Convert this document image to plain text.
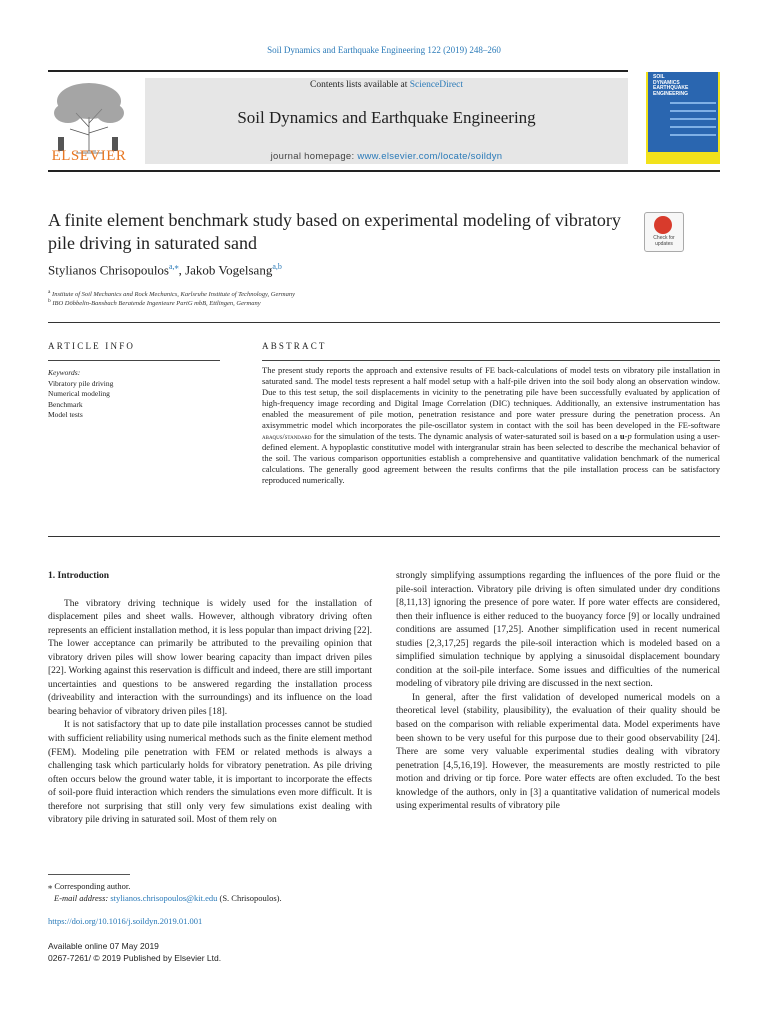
Soil Dynamics and Earthquake Engineering 122 (2019) 248–260
ELSEVIER
Contents lists available at ScienceDirect
Soil Dynamics and Earthquake Engineering
journal homepage: www.elsevier.com/locate/soildyn
SOIL
DYNAMICS
EARTHQUAKE
ENGINEERING
A finite element benchmark study based on experimental modeling of vibratory pile driving in saturated sand	Check for
updates
Stylianos Chrisopoulos$^{a,⁎}$, Jakob Vogelsang$^{a,b}$
$^a$ Institute of Soil Mechanics and Rock Mechanics, Karlsruhe Institute of Technology, Germany
$^b$ IBO Döbbelin-Bansbach Beratende Ingenieure PartG mbB, Ettlingen, Germany
ARTICLE INFO	ABSTRACT
Keywords:
Vibratory pile driving
Numerical modeling
Benchmark
Model tests
The present study reports the approach and extensive results of FE back-calculations of model tests on vibratory pile installation in saturated sand. The model tests represent a half model setup with a half-pile driven into the soil body along an observation window. Due to this test setup, the soil displacements in vicinity to the penetrating pile have been successfully evaluated by application of high-frequency image recording and Digital Image Correlation (DIC) techniques. Additionally, an extensive instrumentation has enabled the measurement of pile motion, penetration resistance and pore water pressure during the penetration process. An axisymmetric model which incorporates the pile-oscillator system in contact with the soil has been developed in the FE-software abaqus/standard for the simulation of the tests. The dynamic analysis of water-saturated soil is based on a u-p formulation using a user-defined element. A hypoplastic constitutive model with intergranular strain has been selected to describe the mechanical behavior of the soil. The various comparison opportunities establish a comprehensive and quantitative validation benchmark of the numerical calculations. The generally good agreement between the results confirms that the pile installation process can be satisfactory reproduced numerically.
1. Introduction

The vibratory driving technique is widely used for the installation of displacement piles and sheet walls. However, although vibratory driving often represents an efficient installation method, it is less popular than impact driving [22]. The lower acceptance can primarily be attributed to the prevailing opinion that vibratory driven piles will show lower bearing capacity than impact driven piles [22]. Working against this reservation is difficult and indeed, there are still important uncertainties and questions to be answered regarding the installation process (driveability and interaction with the surroundings) and its influence on the load bearing behavior of vibratory driven piles [18].

It is not satisfactory that up to date pile installation processes cannot be studied with sufficient reliability using numerical methods such as the finite element method (FEM). Modeling pile penetration with FEM or related methods is always a challenging task which particularly holds for vibratory penetration. As pile driving often occurs below the ground water table, it is important to incorporate the effects of soil-pore fluid interaction which renders the simulations even more difficult. It is therefore not surprising that still only very few simulations exist dealing with vibratory pile driving in saturated soil. Most of them rely on

strongly simplifying assumptions regarding the influences of the pore fluid or the pile-soil interaction. Vibratory pile driving is often simulated under dry conditions [8,11,13] ignoring the presence of pore water. If pore water effects are considered, then their influence is either reduced to the buoyancy force [9] or locally undrained conditions are assumed [17,25]. Another simplification used in recent numerical studies [2,3,17,25] regards the pile-soil interaction which is modeled based on a simplified simulation technique by applying a sinusoidal displacement boundary condition at the soil-pile interface. Some issues and difficulties of the numerical modeling of vibratory pile driving are discussed in the next section.

In general, after the first validation of developed numerical models on a theoretical level (stability, plausibility), the evaluation of their quality should be based on the comparison with reliable experimental data. Model experiments have been shown to be very useful for this purpose due to their good observability [24]. There are some very valuable experimental studies dealing with vibratory penetration [4,5,16,19]. However, the measurements are mostly restricted to pile motion and driving or tip force. Pore water effects are often excluded. To the best knowledge of the authors, only in [3] a quantitative validation of numerical models using experimental results of vibratory pile

⁎ Corresponding author.
E-mail address: stylianos.chrisopoulos@kit.edu (S. Chrisopoulos).
https://doi.org/10.1016/j.soildyn.2019.01.001
Available online 07 May 2019
0267-7261/ © 2019 Published by Elsevier Ltd.
